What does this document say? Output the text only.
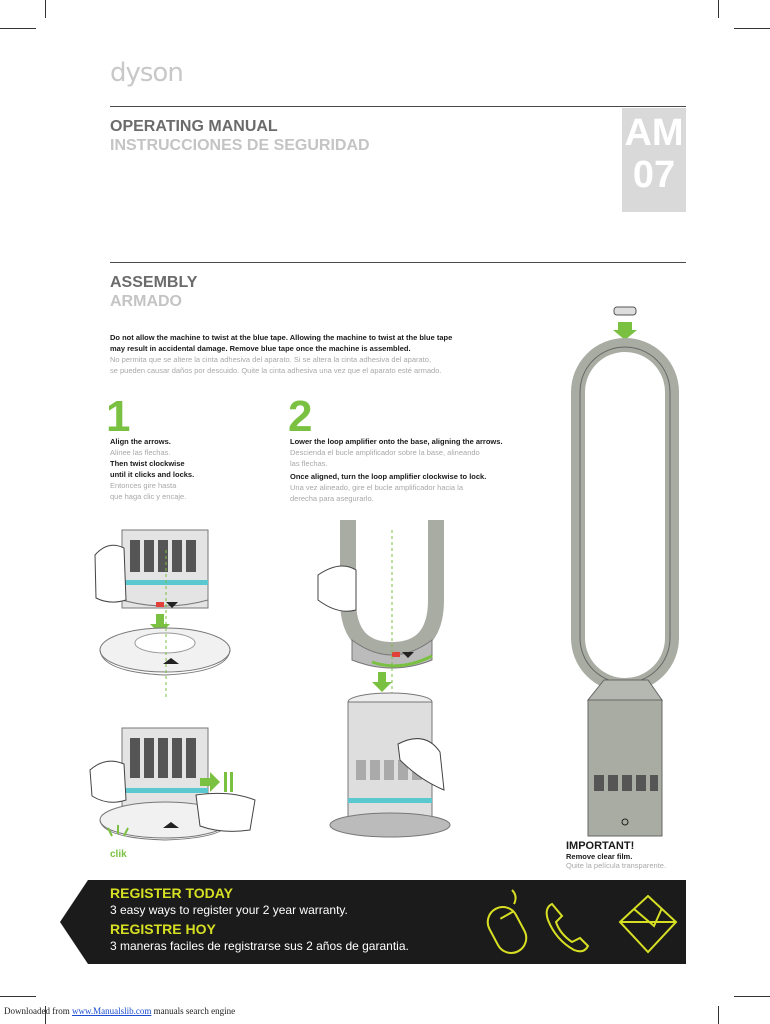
dyson
OPERATING MANUAL
INSTRUCCIONES DE SEGURIDAD	AM
07
ASSEMBLY
ARMADO
Do not allow the machine to twist at the blue tape. Allowing the machine to twist at the blue tape
may result in accidental damage. Remove blue tape once the machine is assembled.
No permita que se altere la cinta adhesiva del aparato. Si se altera la cinta adhesiva del aparato,
se pueden causar daños por descuido. Quite la cinta adhesiva una vez que el aparato esté armado.
1
Align the arrows.
Alinee las flechas.
Then twist clockwise
until it clicks and locks.
Entonces gire hasta
que haga clic y encaje.
2
Lower the loop amplifier onto the base, aligning the arrows.
Descienda el bucle amplificador sobre la base, alineando
las flechas.
Once aligned, turn the loop amplifier clockwise to lock.
Una vez alineado, gire el bucle amplificador hacia la
derecha para asegurarlo.
clik
IMPORTANT!
Remove clear film.
Quite la película transparente.
REGISTER TODAY
3 easy ways to register your 2 year warranty.
REGISTRE HOY
3 maneras faciles de registrarse sus 2 años de garantia.
Downloaded from www.Manualslib.com manuals search engine
